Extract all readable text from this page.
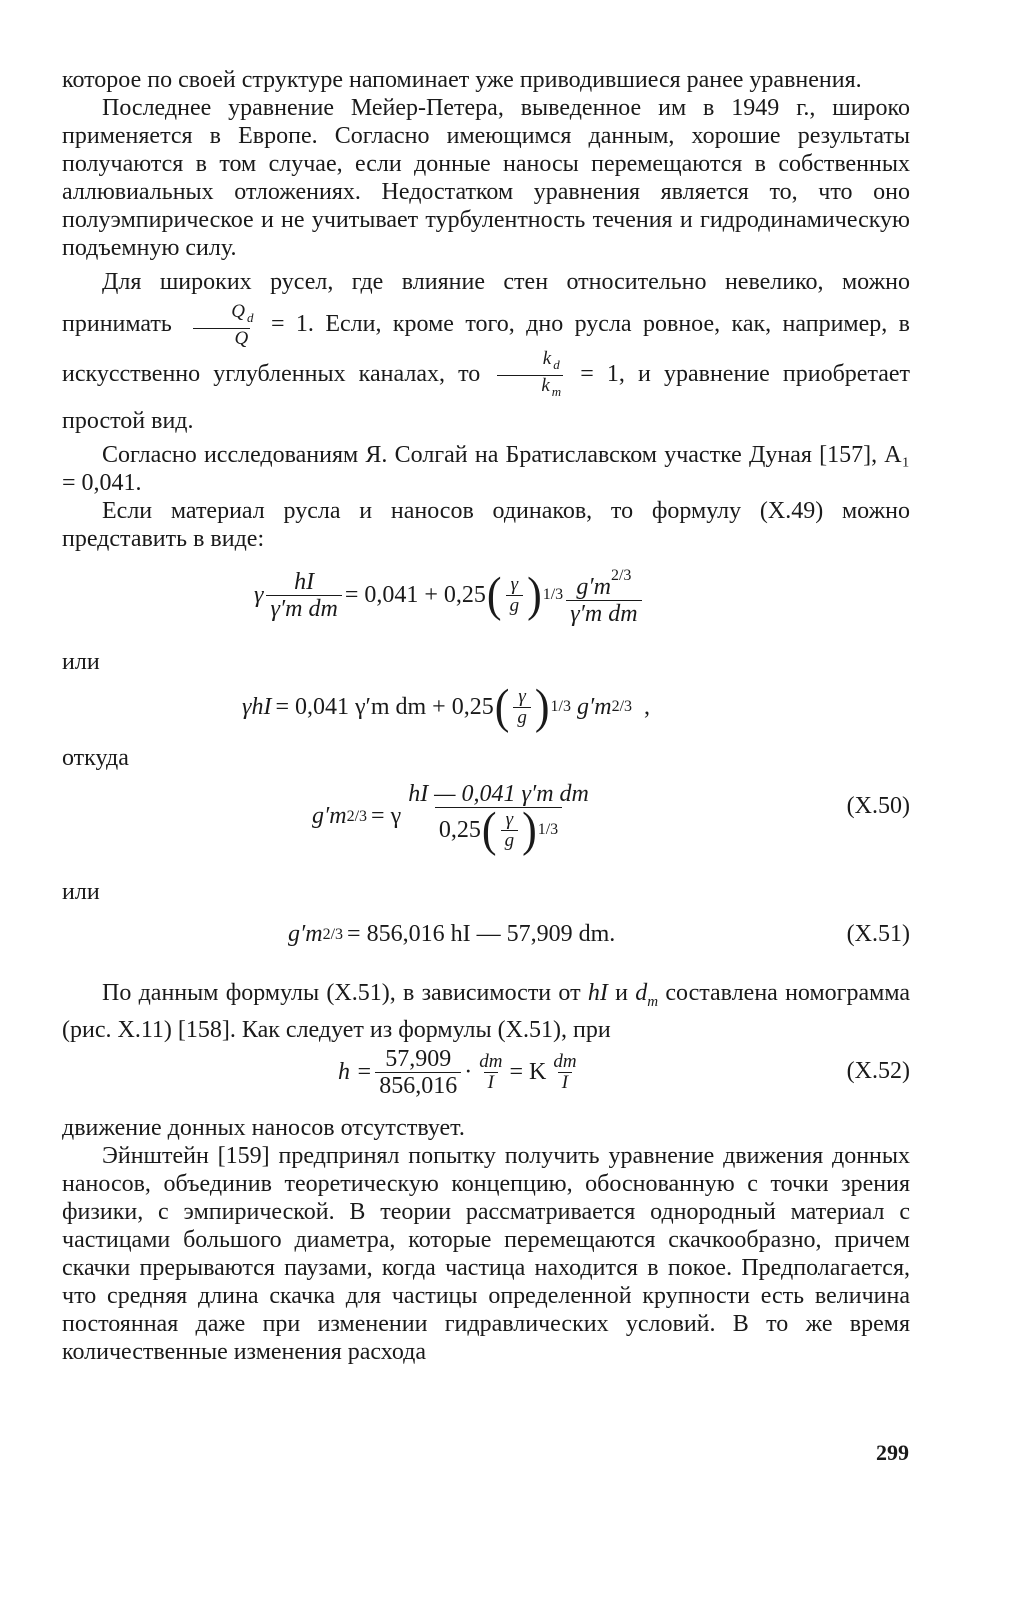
которое по своей структуре напоминает уже приводившиеся ранее уравнения.

Последнее уравнение Мейер-Петера, выведенное им в 1949 г., широко применяется в Европе. Согласно имеющимся данным, хорошие результаты получаются в том случае, если донные наносы перемещаются в собственных аллювиальных отложениях. Недостатком уравнения является то, что оно полуэмпирическое и не учитывает турбулентность течения и гидродинамическую подъемную силу.

Для широких русел, где влияние стен относительно невелико, можно принимать $\frac{Q _d}{Q} = 1$. Если, кроме того, дно русла ровное, как, например, в искусственно углубленных каналах, то $\frac{k _d}{k _m} = 1$, и уравнение приобретает простой вид.

Согласно исследованиям Я. Солгай на Братиславском участке Дуная [157], A₁ = 0,041.

Если материал русла и наносов одинаков, то формулу (X.49) можно представить в виде:

γ $\frac{hI}{\text{γ′m dm}} = 0,041 + 0,25$ ( $\frac{\gamma}{g}$ ) $1/3 \frac{g'm^{2/3}}{\text{γ′m dm}}$
или
γhI = 0,041 γ′m dm + 0,25 ( $\frac{\gamma}{g}$ ) 1/3 g′m 2/3 ,
откуда
g′m 2/3 = γ $\frac{\text{hI — 0,041 γ′m dm}}{0,25 ( \frac{\gamma}{g} ) 1/3}$	(X.50)
или
g′m 2/3 = 856,016 hI — 57,909 dm.	(X.51)

По данным формулы (X.51), в зависимости от hI и $d_m$ составлена номограмма (рис. X.11) [158]. Как следует из формулы (X.51), при

$h = \frac{57,909}{856,016} \cdot \frac{dm}{I} = K \frac{dm}{I}$	(X.52)

движение донных наносов отсутствует.

Эйнштейн [159] предпринял попытку получить уравнение движения донных наносов, объединив теоретическую концепцию, обоснованную с точки зрения физики, с эмпирической. В теории рассматривается однородный материал с частицами большого диаметра, которые перемещаются скачкообразно, причем скачки прерываются паузами, когда частица находится в покое. Предполагается, что средняя длина скачка для частицы определенной крупности есть величина постоянная даже при изменении гидравлических условий. В то же время количественные изменения расхода

299
